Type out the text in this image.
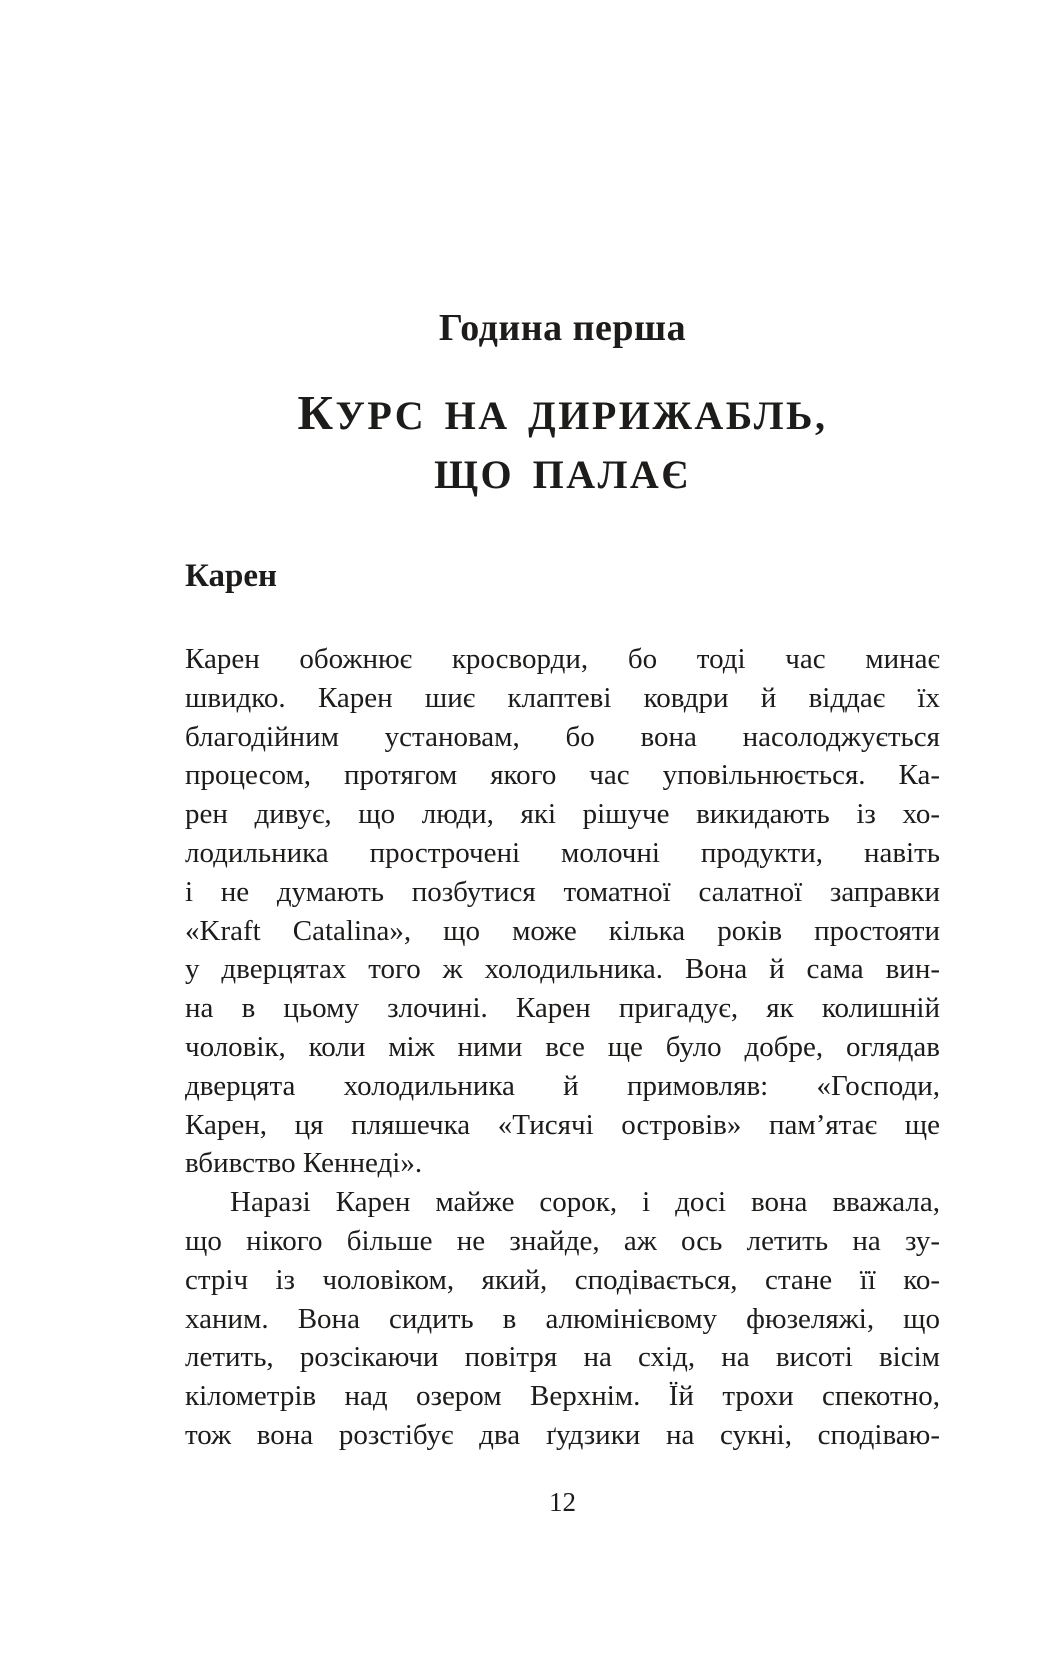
Година перша
КУРС НА ДИРИЖАБЛЬ,
ЩО ПАЛАЄ
Карен
Карен обожнює кросворди, бо тоді час минає
швидко. Карен шиє клаптеві ковдри й віддає їх
благодійним установам, бо вона насолоджується
процесом, протягом якого час уповільнюється. Ка-
рен дивує, що люди, які рішуче викидають із хо-
лодильника прострочені молочні продукти, навіть
і не думають позбутися томатної салатної заправки
«Kraft Catalina», що може кілька років простояти
у дверцятах того ж холодильника. Вона й сама вин-
на в цьому злочині. Карен пригадує, як колишній
чоловік, коли між ними все ще було добре, оглядав
дверцята холодильника й примовляв: «Господи,
Карен, ця пляшечка «Тисячі островів» пам’ятає ще
вбивство Кеннеді».
Наразі Карен майже сорок, і досі вона вважала,
що нікого більше не знайде, аж ось летить на зу-
стріч із чоловіком, який, сподівається, стане її ко-
ханим. Вона сидить в алюмінієвому фюзеляжі, що
летить, розсікаючи повітря на схід, на висоті вісім
кілометрів над озером Верхнім. Їй трохи спекотно,
тож вона розстібує два ґудзики на сукні, сподіваю-
12
